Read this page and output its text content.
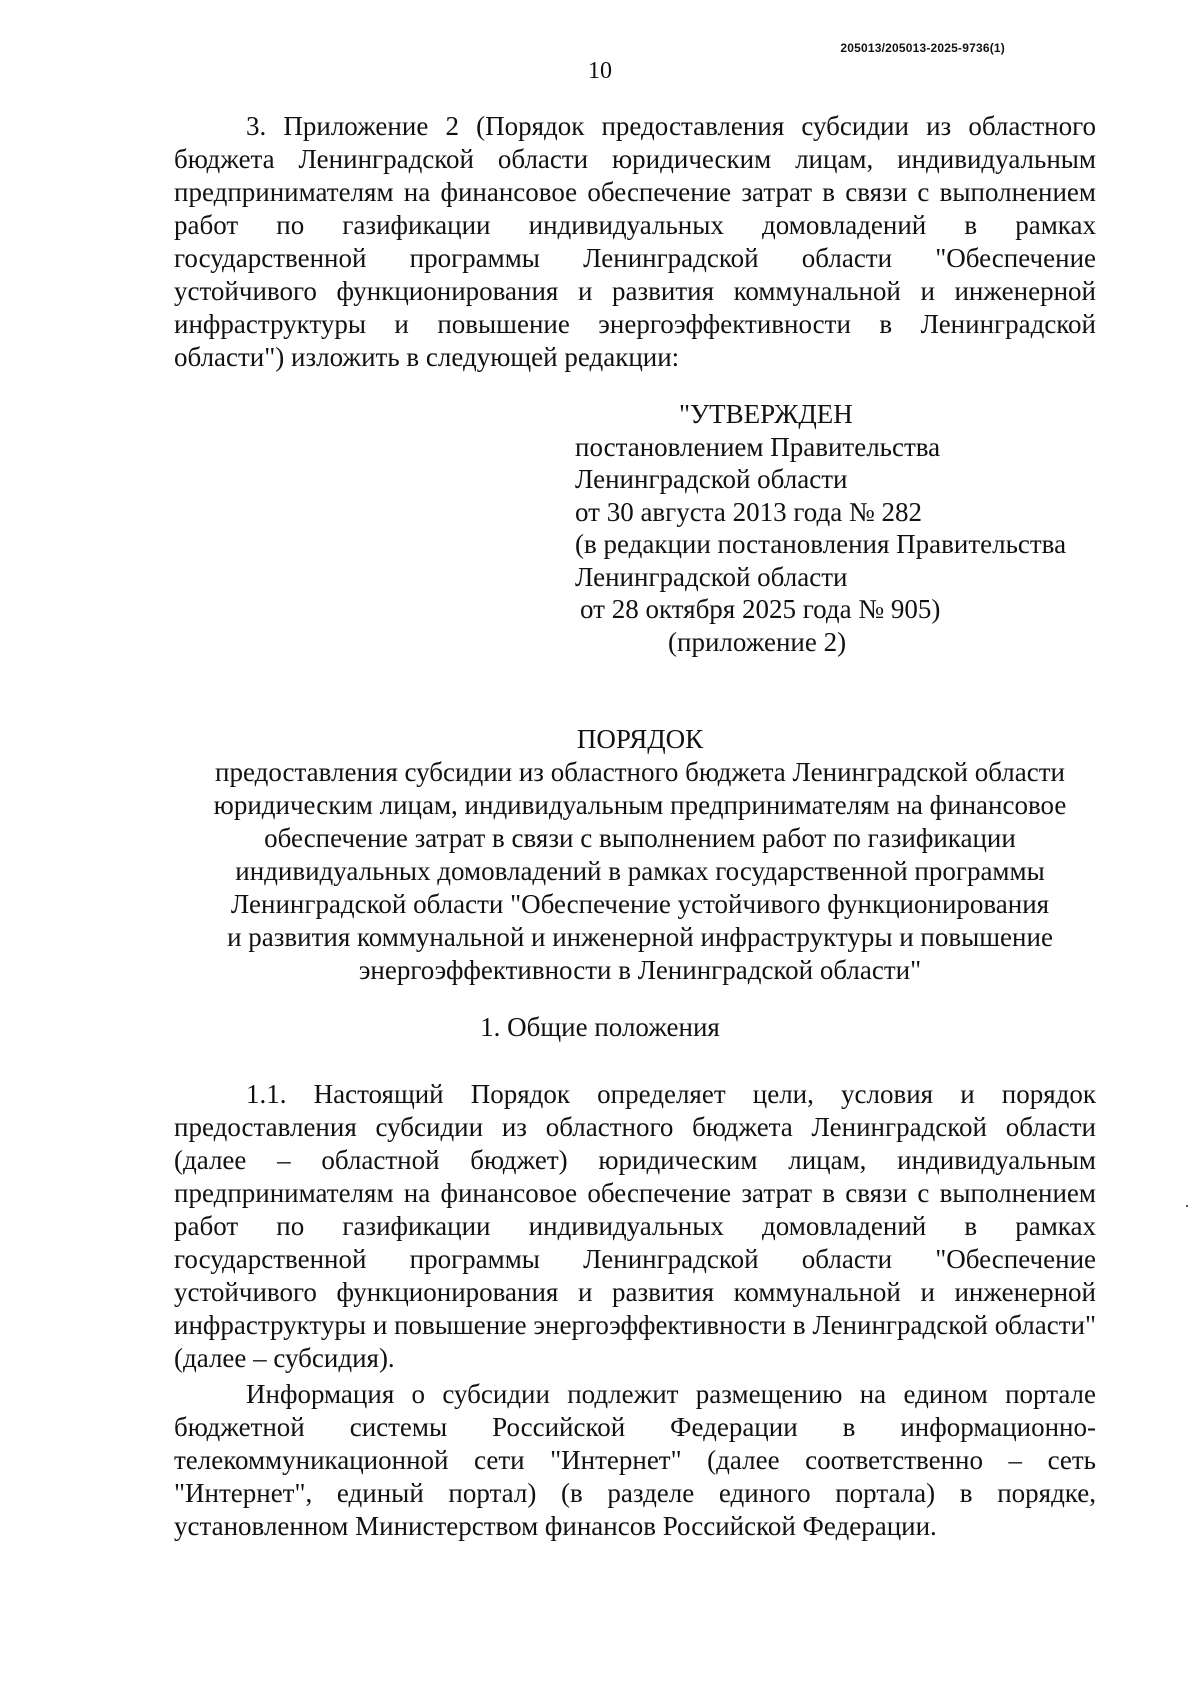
205013/205013-2025-9736(1)
10

3. Приложение 2 (Порядок предоставления субсидии из областного бюджета Ленинградской области юридическим лицам, индивидуальным предпринимателям на финансовое обеспечение затрат в связи с выполнением работ по газификации индивидуальных домовладений в рамках государственной программы Ленинградской области "Обеспечение устойчивого функционирования и развития коммунальной и инженерной инфраструктуры и повышение энергоэффективности в Ленинградской области") изложить в следующей редакции:

"УТВЕРЖДЕН
постановлением Правительства
Ленинградской области
от 30 августа 2013 года № 282
(в редакции постановления Правительства
Ленинградской области
от 28 октября 2025 года № 905)
(приложение 2)
ПОРЯДОК
предоставления субсидии из областного бюджета Ленинградской области
юридическим лицам, индивидуальным предпринимателям на финансовое
обеспечение затрат в связи с выполнением работ по газификации
индивидуальных домовладений в рамках государственной программы
Ленинградской области "Обеспечение устойчивого функционирования
и развития коммунальной и инженерной инфраструктуры и повышение
энергоэффективности в Ленинградской области"
1. Общие положения

1.1. Настоящий Порядок определяет цели, условия и порядок предоставления субсидии из областного бюджета Ленинградской области (далее – областной бюджет) юридическим лицам, индивидуальным предпринимателям на финансовое обеспечение затрат в связи с выполнением работ по газификации индивидуальных домовладений в рамках государственной программы Ленинградской области "Обеспечение устойчивого функционирования и развития коммунальной и инженерной инфраструктуры и повышение энергоэффективности в Ленинградской области" (далее – субсидия).

Информация о субсидии подлежит размещению на едином портале бюджетной системы Российской Федерации в информационно-телекоммуникационной сети "Интернет" (далее соответственно – сеть "Интернет", единый портал) (в разделе единого портала) в порядке, установленном Министерством финансов Российской Федерации.
